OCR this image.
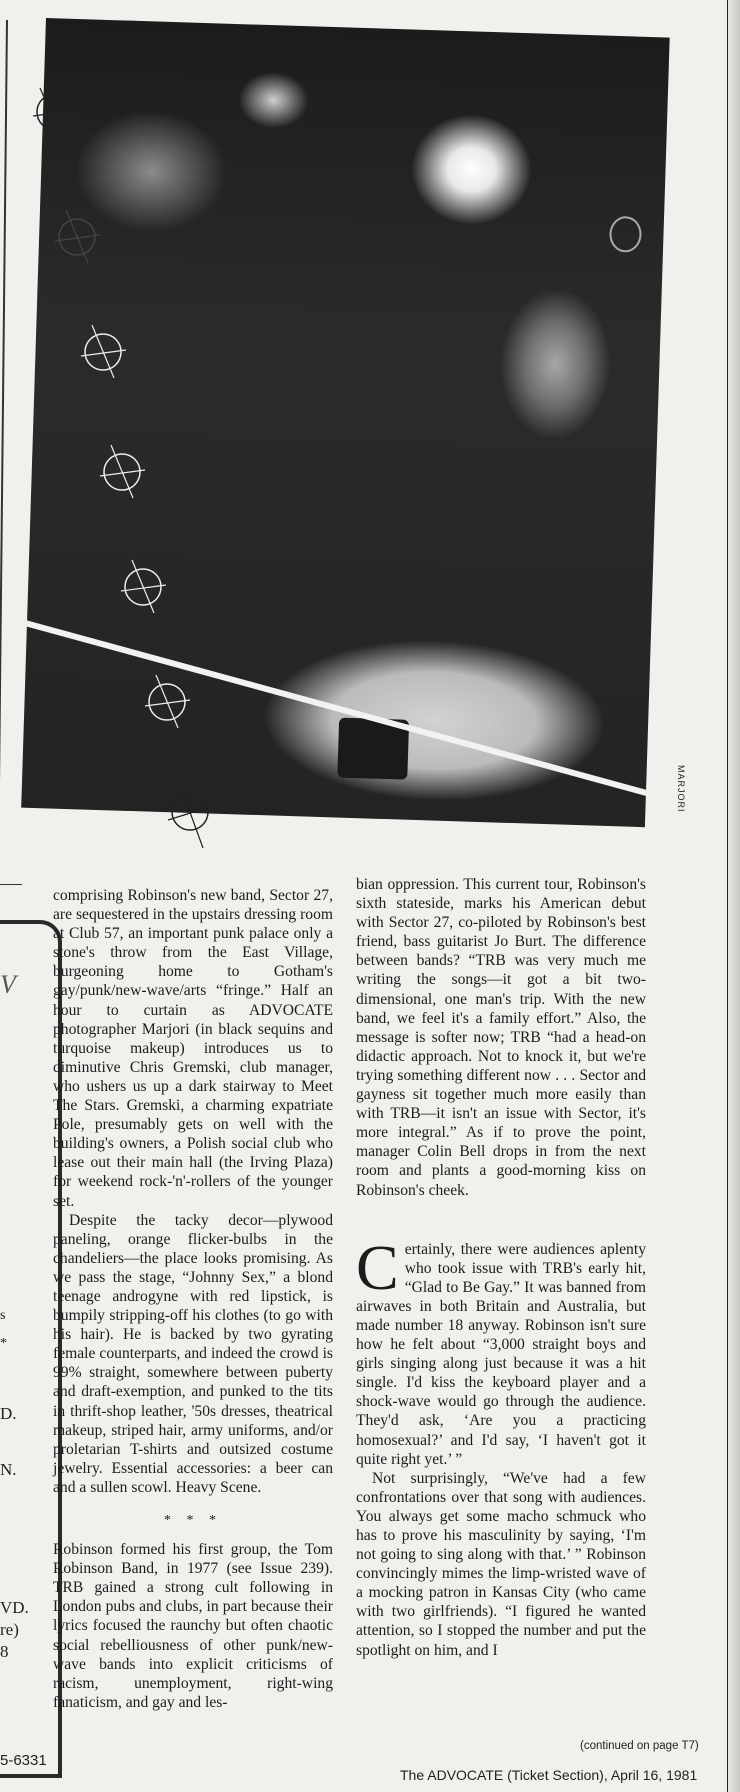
V
s
*
D.
N.
VD.
re)
8
5-6331
MARJORI

comprising Robinson's new band, Sector 27, are sequestered in the upstairs dressing room at Club 57, an important punk palace only a stone's throw from the East Village, burgeoning home to Gotham's gay/punk/new-wave/arts “fringe.” Half an hour to curtain as ADVOCATE photographer Marjori (in black sequins and turquoise makeup) introduces us to diminutive Chris Gremski, club manager, who ushers us up a dark stairway to Meet The Stars. Gremski, a charming expatriate Pole, presumably gets on well with the building's owners, a Polish social club who lease out their main hall (the Irving Plaza) for weekend rock-'n'-rollers of the younger set.

Despite the tacky decor—plywood paneling, orange flicker-bulbs in the chandeliers—the place looks promising. As we pass the stage, “Johnny Sex,” a blond teenage androgyne with red lipstick, is bumpily stripping-off his clothes (to go with his hair). He is backed by two gyrating female counterparts, and indeed the crowd is 99% straight, somewhere between puberty and draft-exemption, and punked to the tits in thrift-shop leather, '50s dresses, theatrical makeup, striped hair, army uniforms, and/or proletarian T-shirts and outsized costume jewelry. Essential accessories: a beer can and a sullen scowl. Heavy Scene.

* * *

Robinson formed his first group, the Tom Robinson Band, in 1977 (see Issue 239). TRB gained a strong cult following in London pubs and clubs, in part because their lyrics focused the raunchy but often chaotic social rebelliousness of other punk/new-wave bands into explicit criticisms of racism, unemployment, right-wing fanaticism, and gay and les-

bian oppression. This current tour, Robinson's sixth stateside, marks his American debut with Sector 27, co-piloted by Robinson's best friend, bass guitarist Jo Burt. The difference between bands? “TRB was very much me writing the songs—it got a bit two-dimensional, one man's trip. With the new band, we feel it's a family effort.” Also, the message is softer now; TRB “had a head-on didactic approach. Not to knock it, but we're trying something different now . . . Sector and gayness sit together much more easily than with TRB—it isn't an issue with Sector, it's more integral.” As if to prove the point, manager Colin Bell drops in from the next room and plants a good-morning kiss on Robinson's cheek.

Certainly, there were audiences aplenty who took issue with TRB's early hit, “Glad to Be Gay.” It was banned from airwaves in both Britain and Australia, but made number 18 anyway. Robinson isn't sure how he felt about “3,000 straight boys and girls singing along just because it was a hit single. I'd kiss the keyboard player and a shock-wave would go through the audience. They'd ask, ‘Are you a practicing homosexual?’ and I'd say, ‘I haven't got it quite right yet.’ ”

Not surprisingly, “We've had a few confrontations over that song with audiences. You always get some macho schmuck who has to prove his masculinity by saying, ‘I'm not going to sing along with that.’ ” Robinson convincingly mimes the limp-wristed wave of a mocking patron in Kansas City (who came with two girlfriends). “I figured he wanted attention, so I stopped the number and put the spotlight on him, and I

(continued on page T7)
The ADVOCATE (Ticket Section), April 16, 1981
